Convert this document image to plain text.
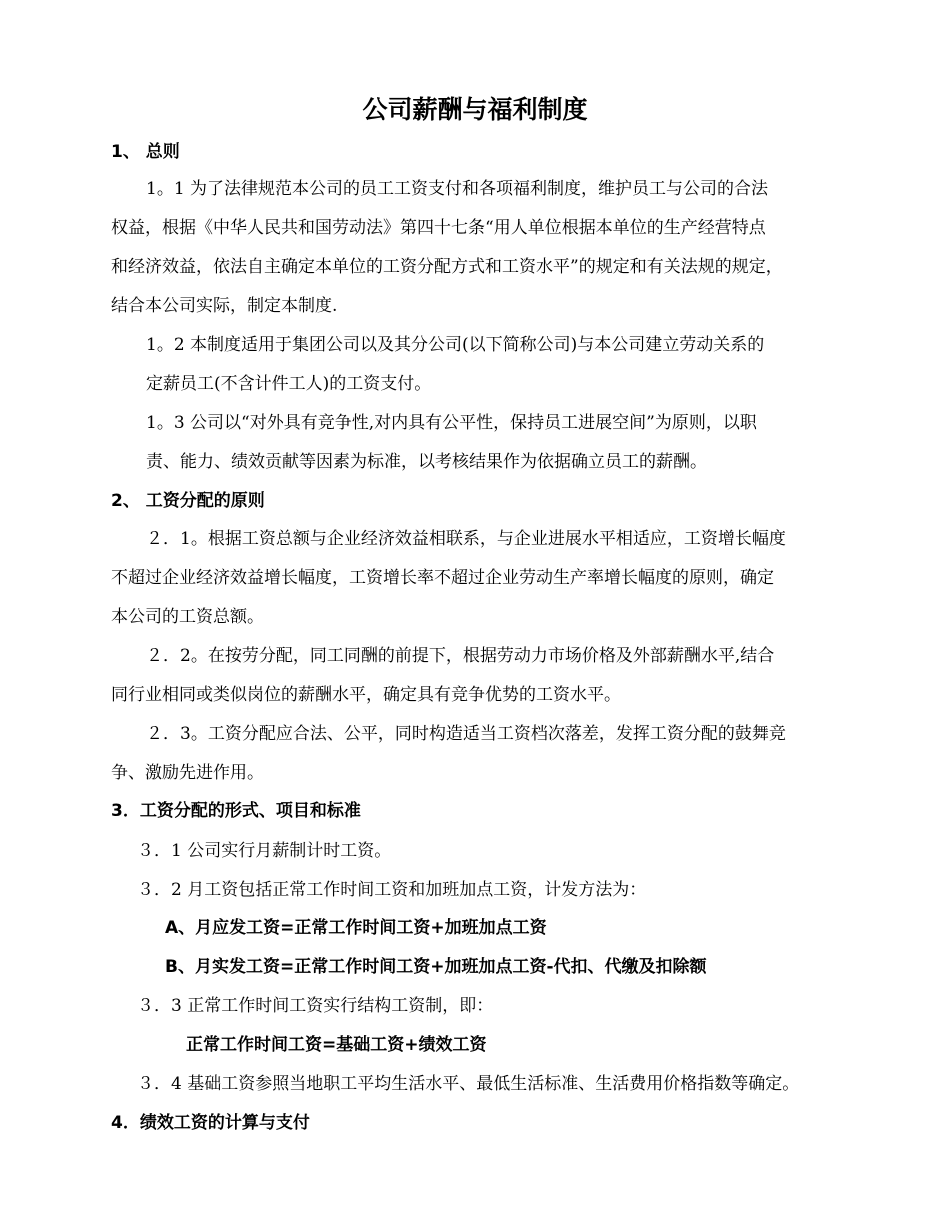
公司薪酬与福利制度

1、 总则

1。1 为了法律规范本公司的员工工资支付和各项福利制度，维护员工与公司的合法

权益，根据《中华人民共和国劳动法》第四十七条“用人单位根据本单位的生产经营特点

和经济效益，依法自主确定本单位的工资分配方式和工资水平”的规定和有关法规的规定，

结合本公司实际，制定本制度.

1。2 本制度适用于集团公司以及其分公司(以下简称公司)与本公司建立劳动关系的

定薪员工(不含计件工人)的工资支付。

1。3 公司以“对外具有竞争性,对内具有公平性，保持员工进展空间”为原则，以职

责、能力、绩效贡献等因素为标准，以考核结果作为依据确立员工的薪酬。

2、 工资分配的原则

２．1。根据工资总额与企业经济效益相联系，与企业进展水平相适应，工资增长幅度

不超过企业经济效益增长幅度，工资增长率不超过企业劳动生产率增长幅度的原则，确定

本公司的工资总额。

２．2。在按劳分配，同工同酬的前提下，根据劳动力市场价格及外部薪酬水平,结合

同行业相同或类似岗位的薪酬水平，确定具有竞争优势的工资水平。

２．3。工资分配应合法、公平，同时构造适当工资档次落差，发挥工资分配的鼓舞竞

争、激励先进作用。

3．工资分配的形式、项目和标准

３．1 公司实行月薪制计时工资。

３．2 月工资包括正常工作时间工资和加班加点工资，计发方法为：

A、月应发工资=正常工作时间工资+加班加点工资

B、月实发工资=正常工作时间工资+加班加点工资-代扣、代缴及扣除额

３．3 正常工作时间工资实行结构工资制，即：

正常工作时间工资=基础工资+绩效工资

３．4 基础工资参照当地职工平均生活水平、最低生活标准、生活费用价格指数等确定。

4．绩效工资的计算与支付
